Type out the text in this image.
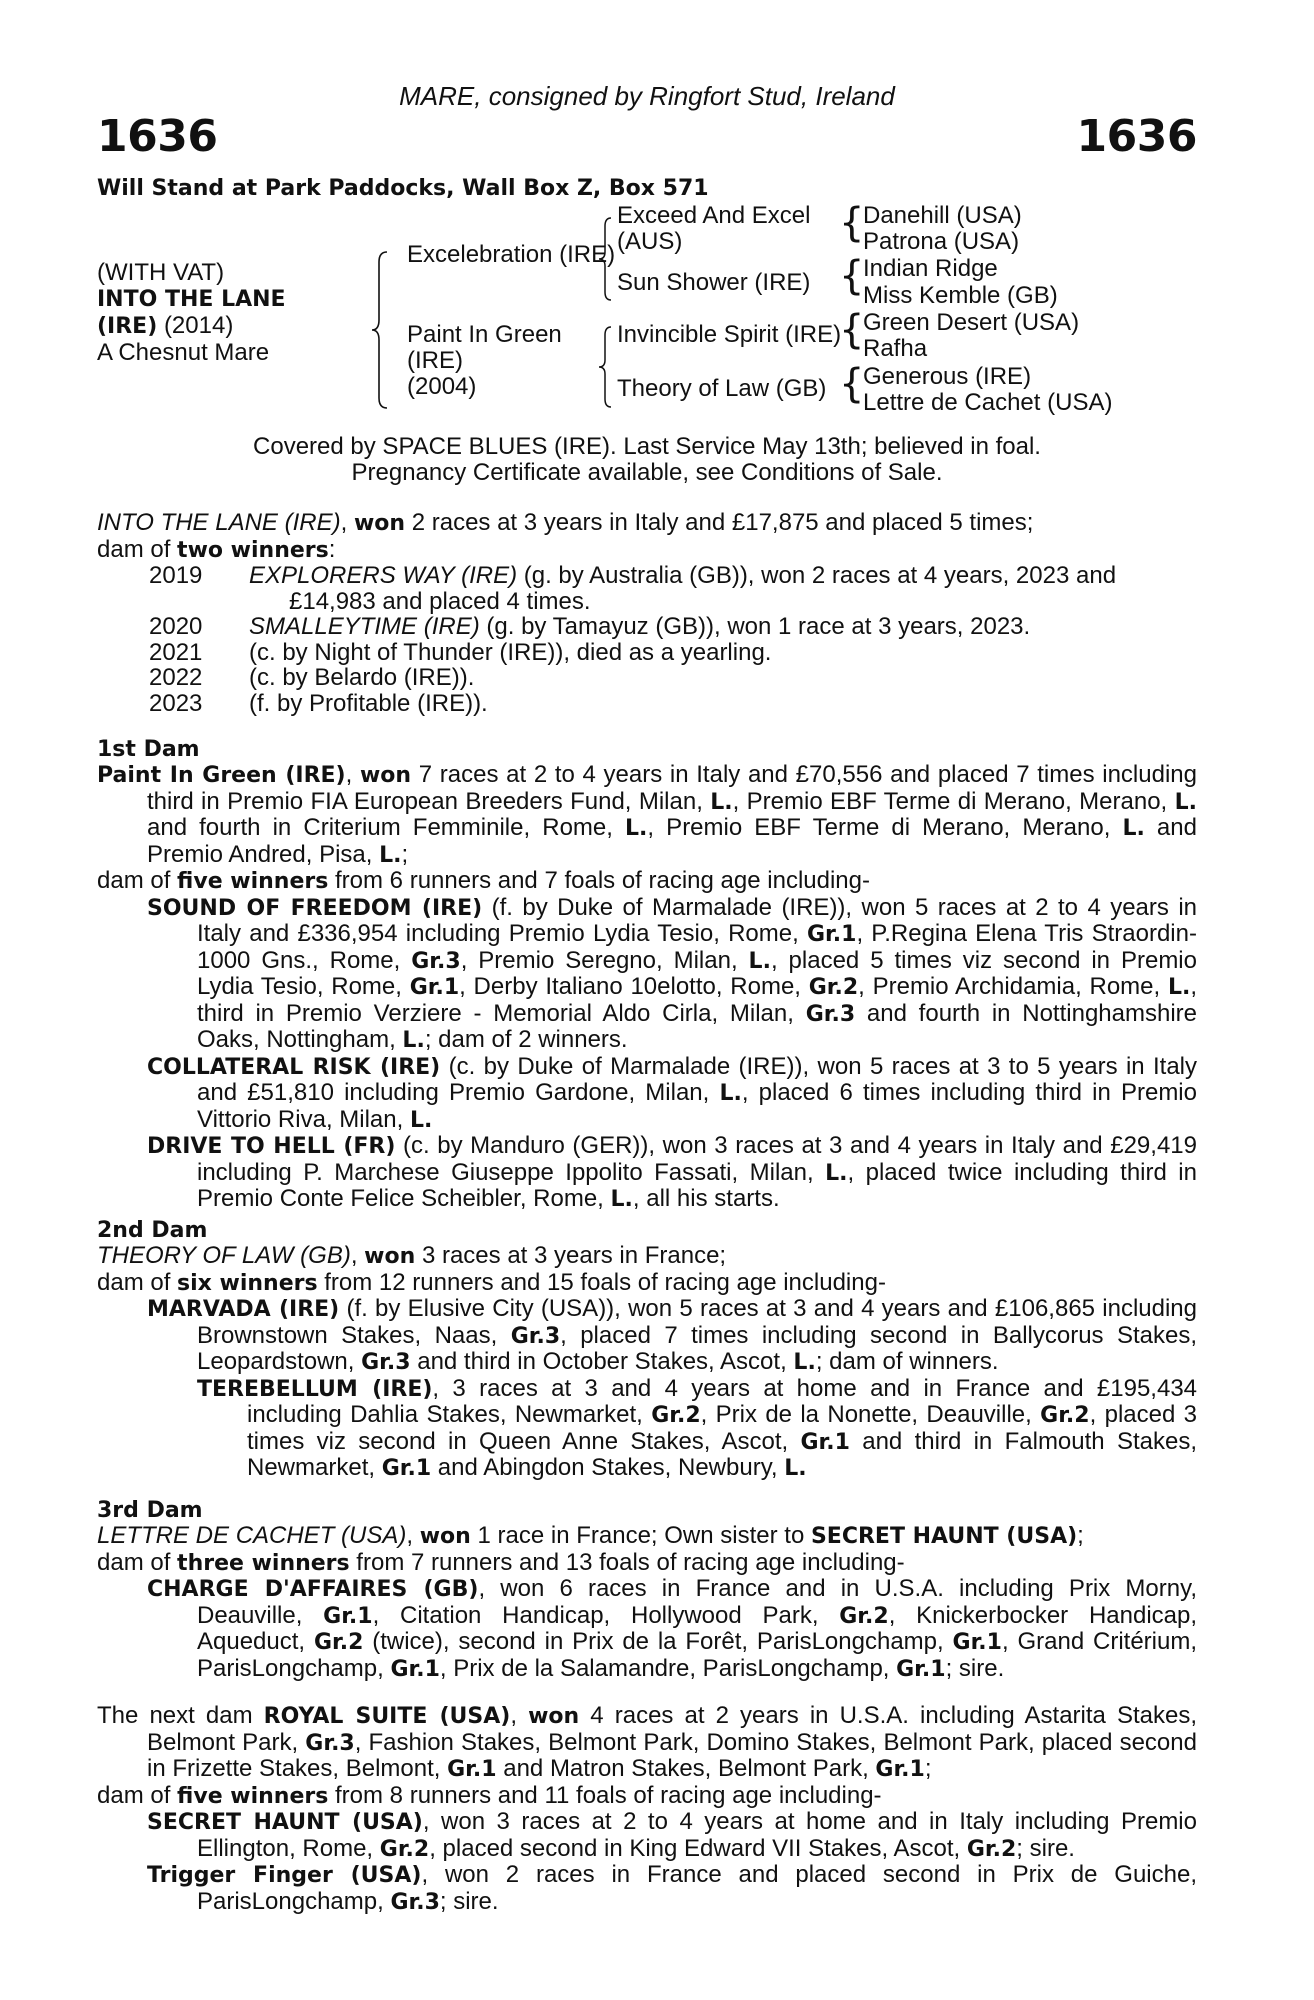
MARE, consigned by Ringfort Stud, Ireland
1636	1636
Will Stand at Park Paddocks, Wall Box Z, Box 571
(WITH VAT)
INTO THE LANE
(IRE) (2014)
A Chesnut Mare
Excelebration (IRE)
Paint In Green
(IRE)
(2004)
Exceed And Excel
(AUS)
Sun Shower (IRE)
Invincible Spirit (IRE)
Theory of Law (GB)
{
Danehill (USA)
Patrona (USA)
{
Indian Ridge
Miss Kemble (GB)
{
Green Desert (USA)
Rafha
{
Generous (IRE)
Lettre de Cachet (USA)
Covered by SPACE BLUES (IRE). Last Service May 13th; believed in foal.
Pregnancy Certificate available, see Conditions of Sale.

INTO THE LANE (IRE), won 2 races at 3 years in Italy and £17,875 and placed 5 times;

dam of two winners:

2019	EXPLORERS WAY (IRE) (g. by Australia (GB)), won 2 races at 4 years, 2023 and
£14,983 and placed 4 times.
2020	SMALLEYTIME (IRE) (g. by Tamayuz (GB)), won 1 race at 3 years, 2023.
2021	(c. by Night of Thunder (IRE)), died as a yearling.
2022	(c. by Belardo (IRE)).
2023	(f. by Profitable (IRE)).
1st Dam

Paint In Green (IRE), won 7 races at 2 to 4 years in Italy and £70,556 and placed 7 times including third in Premio FIA European Breeders Fund, Milan, L., Premio EBF Terme di Merano, Merano, L. and fourth in Criterium Femminile, Rome, L., Premio EBF Terme di Merano, Merano, L. and Premio Andred, Pisa, L.;

dam of five winners from 6 runners and 7 foals of racing age including-

SOUND OF FREEDOM (IRE) (f. by Duke of Marmalade (IRE)), won 5 races at 2 to 4 years in Italy and £336,954 including Premio Lydia Tesio, Rome, Gr.1, P.Regina Elena Tris Straordin-1000 Gns., Rome, Gr.3, Premio Seregno, Milan, L., placed 5 times viz second in Premio Lydia Tesio, Rome, Gr.1, Derby Italiano 10elotto, Rome, Gr.2, Premio Archidamia, Rome, L., third in Premio Verziere - Memorial Aldo Cirla, Milan, Gr.3 and fourth in Nottinghamshire Oaks, Nottingham, L.; dam of 2 winners.

COLLATERAL RISK (IRE) (c. by Duke of Marmalade (IRE)), won 5 races at 3 to 5 years in Italy and £51,810 including Premio Gardone, Milan, L., placed 6 times including third in Premio Vittorio Riva, Milan, L.

DRIVE TO HELL (FR) (c. by Manduro (GER)), won 3 races at 3 and 4 years in Italy and £29,419 including P. Marchese Giuseppe Ippolito Fassati, Milan, L., placed twice including third in Premio Conte Felice Scheibler, Rome, L., all his starts.

2nd Dam

THEORY OF LAW (GB), won 3 races at 3 years in France;

dam of six winners from 12 runners and 15 foals of racing age including-

MARVADA (IRE) (f. by Elusive City (USA)), won 5 races at 3 and 4 years and £106,865 including Brownstown Stakes, Naas, Gr.3, placed 7 times including second in Ballycorus Stakes, Leopardstown, Gr.3 and third in October Stakes, Ascot, L.; dam of winners.

TEREBELLUM (IRE), 3 races at 3 and 4 years at home and in France and £195,434 including Dahlia Stakes, Newmarket, Gr.2, Prix de la Nonette, Deauville, Gr.2, placed 3 times viz second in Queen Anne Stakes, Ascot, Gr.1 and third in Falmouth Stakes, Newmarket, Gr.1 and Abingdon Stakes, Newbury, L.

3rd Dam

LETTRE DE CACHET (USA), won 1 race in France; Own sister to SECRET HAUNT (USA);

dam of three winners from 7 runners and 13 foals of racing age including-

CHARGE D'AFFAIRES (GB), won 6 races in France and in U.S.A. including Prix Morny, Deauville, Gr.1, Citation Handicap, Hollywood Park, Gr.2, Knickerbocker Handicap, Aqueduct, Gr.2 (twice), second in Prix de la Forêt, ParisLongchamp, Gr.1, Grand Critérium, ParisLongchamp, Gr.1, Prix de la Salamandre, ParisLongchamp, Gr.1; sire.

The next dam ROYAL SUITE (USA), won 4 races at 2 years in U.S.A. including Astarita Stakes, Belmont Park, Gr.3, Fashion Stakes, Belmont Park, Domino Stakes, Belmont Park, placed second in Frizette Stakes, Belmont, Gr.1 and Matron Stakes, Belmont Park, Gr.1;

dam of five winners from 8 runners and 11 foals of racing age including-

SECRET HAUNT (USA), won 3 races at 2 to 4 years at home and in Italy including Premio Ellington, Rome, Gr.2, placed second in King Edward VII Stakes, Ascot, Gr.2; sire.

Trigger Finger (USA), won 2 races in France and placed second in Prix de Guiche, ParisLongchamp, Gr.3; sire.
